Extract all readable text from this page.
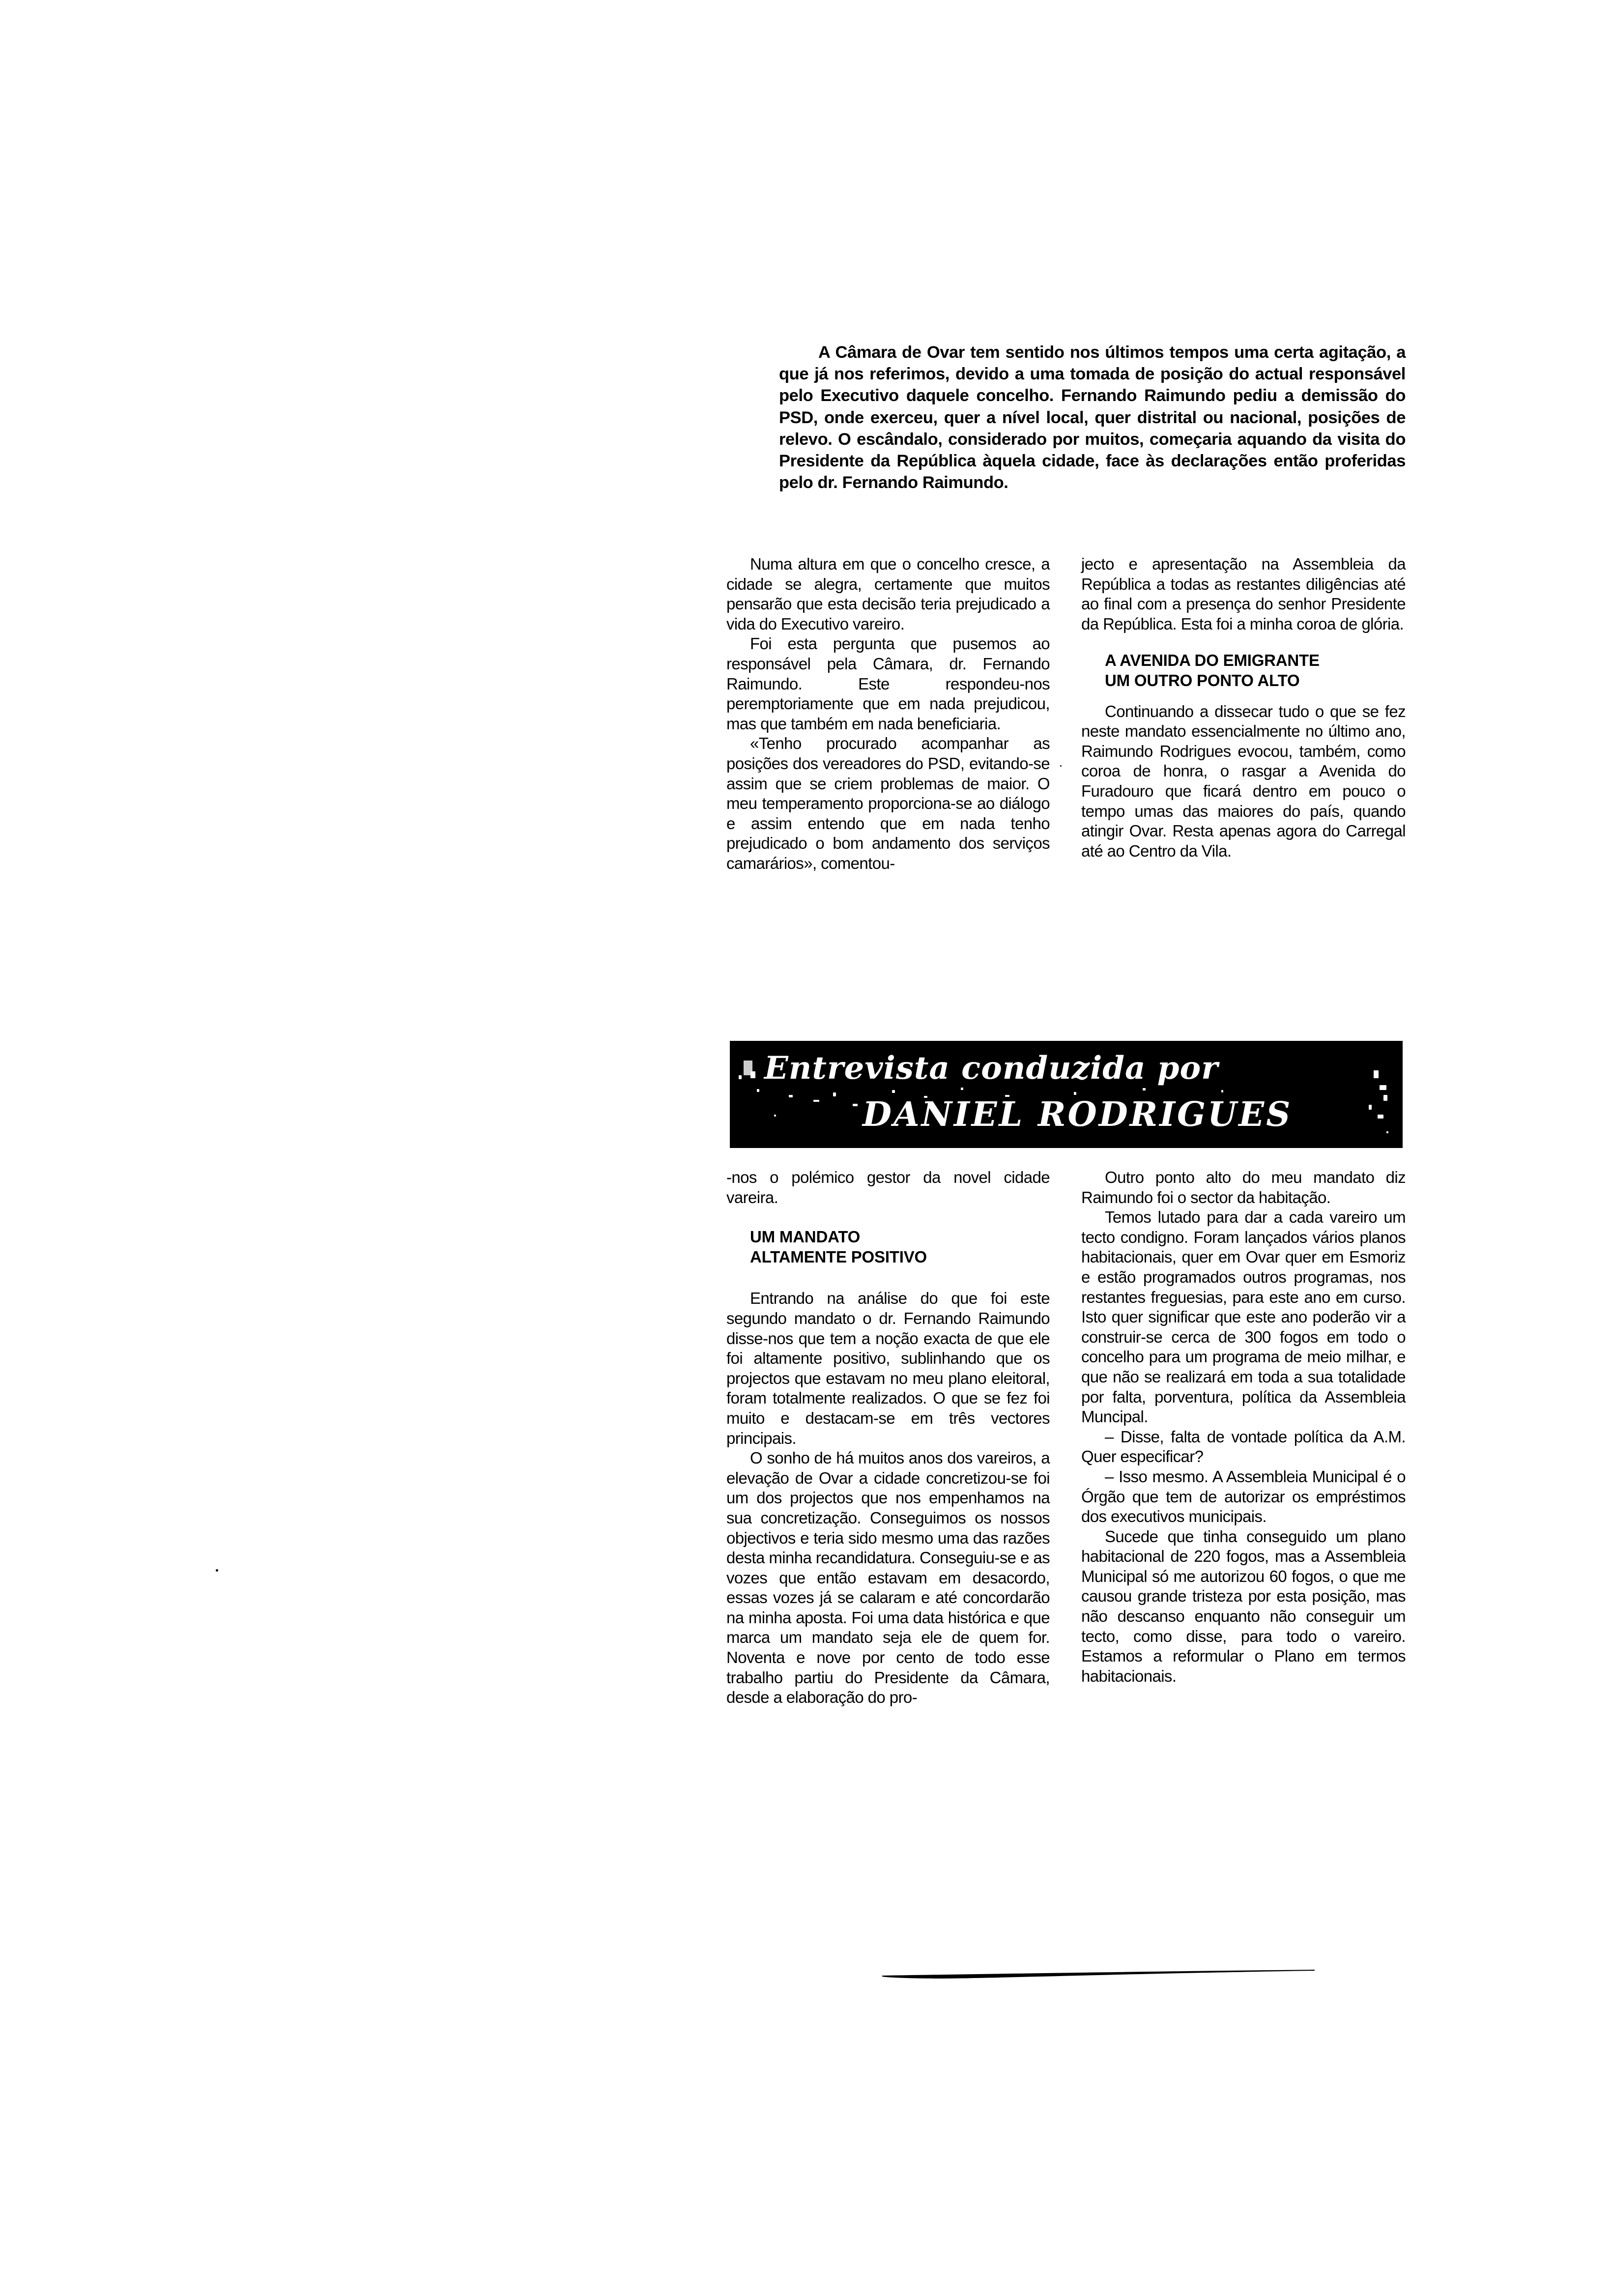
A Câmara de Ovar tem sentido nos últimos tempos uma certa agitação, a que já nos referimos, devido a uma tomada de posição do actual responsável pelo Executivo daquele concelho. Fernando Raimundo pediu a demissão do PSD, onde exerceu, quer a nível local, quer distrital ou nacional, posições de relevo. O escândalo, considerado por muitos, começaria aquando da visita do Presidente da República àquela cidade, face às declarações então proferidas pelo dr. Fernando Raimundo.

Numa altura em que o concelho cresce, a cidade se alegra, certamente que muitos pensarão que esta decisão teria prejudicado a vida do Executivo vareiro.

Foi esta pergunta que pusemos ao responsável pela Câmara, dr. Fernando Raimundo. Este respondeu-nos peremptoriamente que em nada prejudicou, mas que também em nada beneficiaria.

«Tenho procurado acompanhar as posições dos vereadores do PSD, evitando-se assim que se criem problemas de maior. O meu temperamento proporciona-se ao diálogo e assim entendo que em nada tenho prejudicado o bom andamento dos serviços camarários», comentou-

jecto e apresentação na Assembleia da República a todas as restantes diligências até ao final com a presença do senhor Presidente da República. Esta foi a minha coroa de glória.

A AVENIDA DO EMIGRANTE

UM OUTRO PONTO ALTO

Continuando a dissecar tudo o que se fez neste mandato essencialmente no último ano, Raimundo Rodrigues evocou, também, como coroa de honra, o rasgar a Avenida do Furadouro que ficará dentro em pouco o tempo umas das maiores do país, quando atingir Ovar. Resta apenas agora do Carregal até ao Centro da Vila.

Entrevista conduzida por
DANIEL RODRIGUES

-nos o polémico gestor da novel cidade vareira.

UM MANDATO

ALTAMENTE POSITIVO

Entrando na análise do que foi este segundo mandato o dr. Fernando Raimundo disse-nos que tem a noção exacta de que ele foi altamente positivo, sublinhando que os projectos que estavam no meu plano eleitoral, foram totalmente realizados. O que se fez foi muito e destacam-se em três vectores principais.

O sonho de há muitos anos dos vareiros, a elevação de Ovar a cidade concretizou-se foi um dos projectos que nos empenhamos na sua concretização. Conseguimos os nossos objectivos e teria sido mesmo uma das razões desta minha recandidatura. Conseguiu-se e as vozes que então estavam em desacordo, essas vozes já se calaram e até concordarão na minha aposta. Foi uma data histórica e que marca um mandato seja ele de quem for. Noventa e nove por cento de todo esse trabalho partiu do Presidente da Câmara, desde a elaboração do pro-

Outro ponto alto do meu mandato diz Raimundo foi o sector da habitação.

Temos lutado para dar a cada vareiro um tecto condigno. Foram lançados vários planos habitacionais, quer em Ovar quer em Esmoriz e estão programados outros programas, nos restantes freguesias, para este ano em curso. Isto quer significar que este ano poderão vir a construir-se cerca de 300 fogos em todo o concelho para um programa de meio milhar, e que não se realizará em toda a sua totalidade por falta, porventura, política da Assembleia Muncipal.

– Disse, falta de vontade política da A.M. Quer especificar?

– Isso mesmo. A Assembleia Municipal é o Órgão que tem de autorizar os empréstimos dos executivos municipais.

Sucede que tinha conseguido um plano habitacional de 220 fogos, mas a Assembleia Municipal só me autorizou 60 fogos, o que me causou grande tristeza por esta posição, mas não descanso enquanto não conseguir um tecto, como disse, para todo o vareiro. Estamos a reformular o Plano em termos habitacionais.
